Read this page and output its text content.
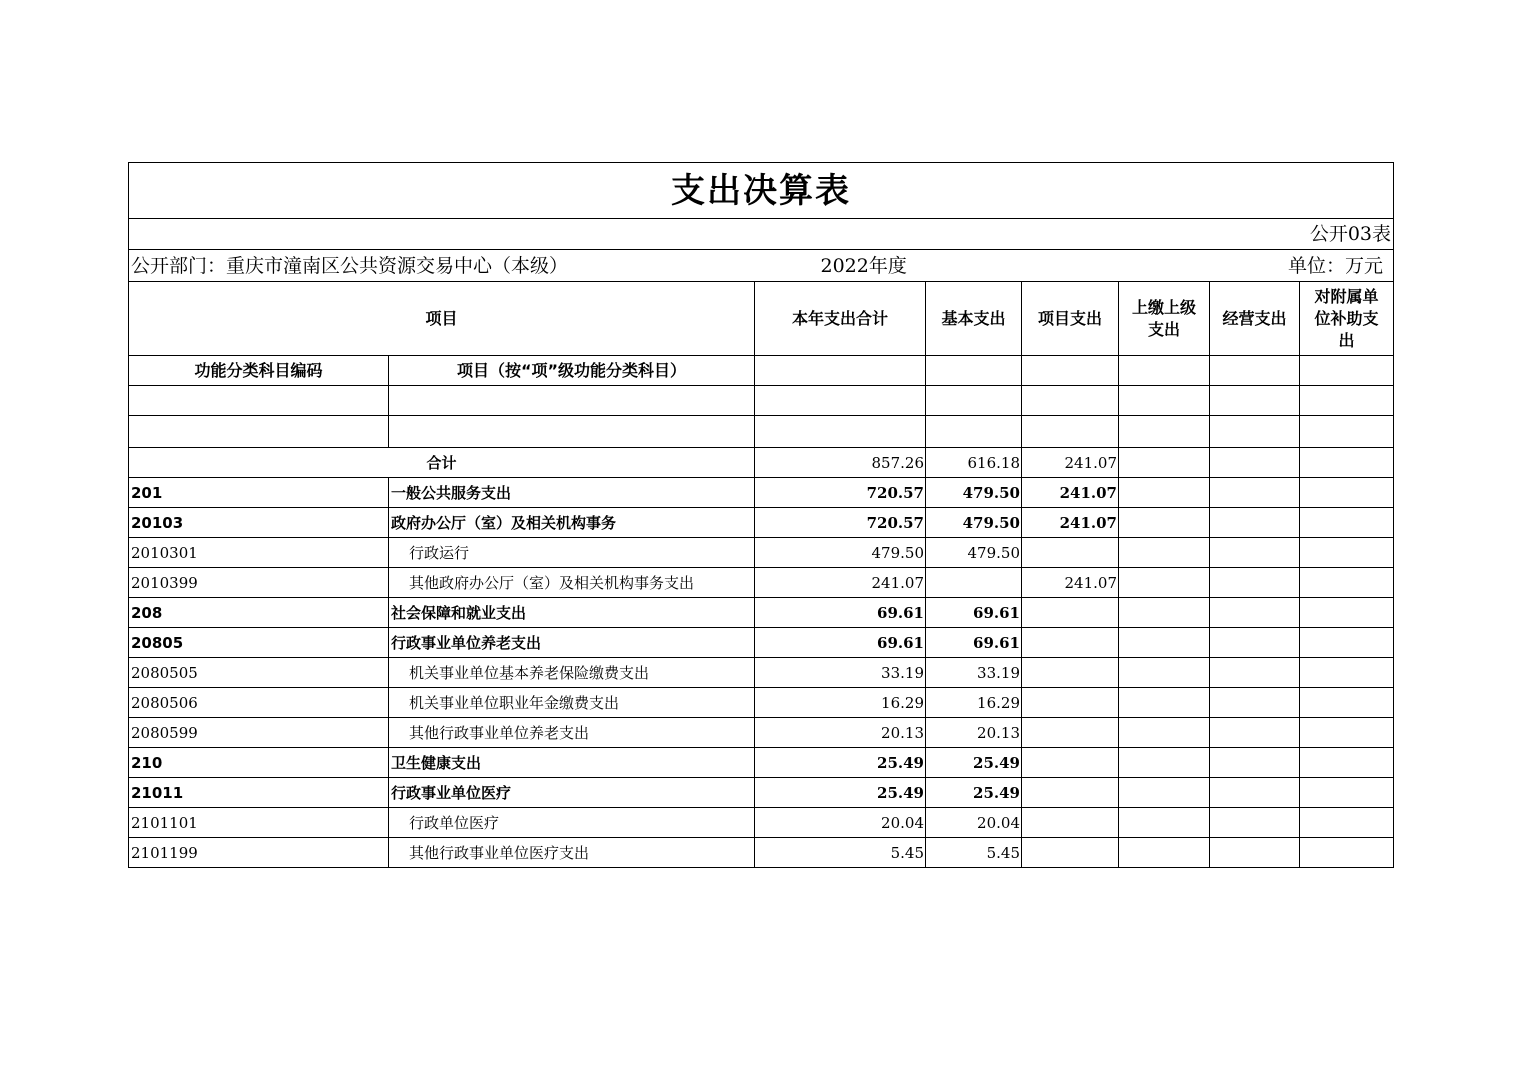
支出决算表							
公开03表							
公开部门：重庆市潼南区公共资源交易中心（本级）		2022年度		单位：万元			
项目		本年支出合计	基本支出	项目支出	上缴上级支出	经营支出	对附属单位补助支出
功能分类科目编码	项目（按“项”级功能分类科目）						

合计		857.26	616.18	241.07			
201	一般公共服务支出	720.57	479.50	241.07			
20103	政府办公厅（室）及相关机构事务	720.57	479.50	241.07			
2010301	行政运行	479.50	479.50				
2010399	其他政府办公厅（室）及相关机构事务支出	241.07		241.07			
208	社会保障和就业支出	69.61	69.61				
20805	行政事业单位养老支出	69.61	69.61				
2080505	机关事业单位基本养老保险缴费支出	33.19	33.19				
2080506	机关事业单位职业年金缴费支出	16.29	16.29				
2080599	其他行政事业单位养老支出	20.13	20.13				
210	卫生健康支出	25.49	25.49				
21011	行政事业单位医疗	25.49	25.49				
2101101	行政单位医疗	20.04	20.04				
2101199	其他行政事业单位医疗支出	5.45	5.45				
